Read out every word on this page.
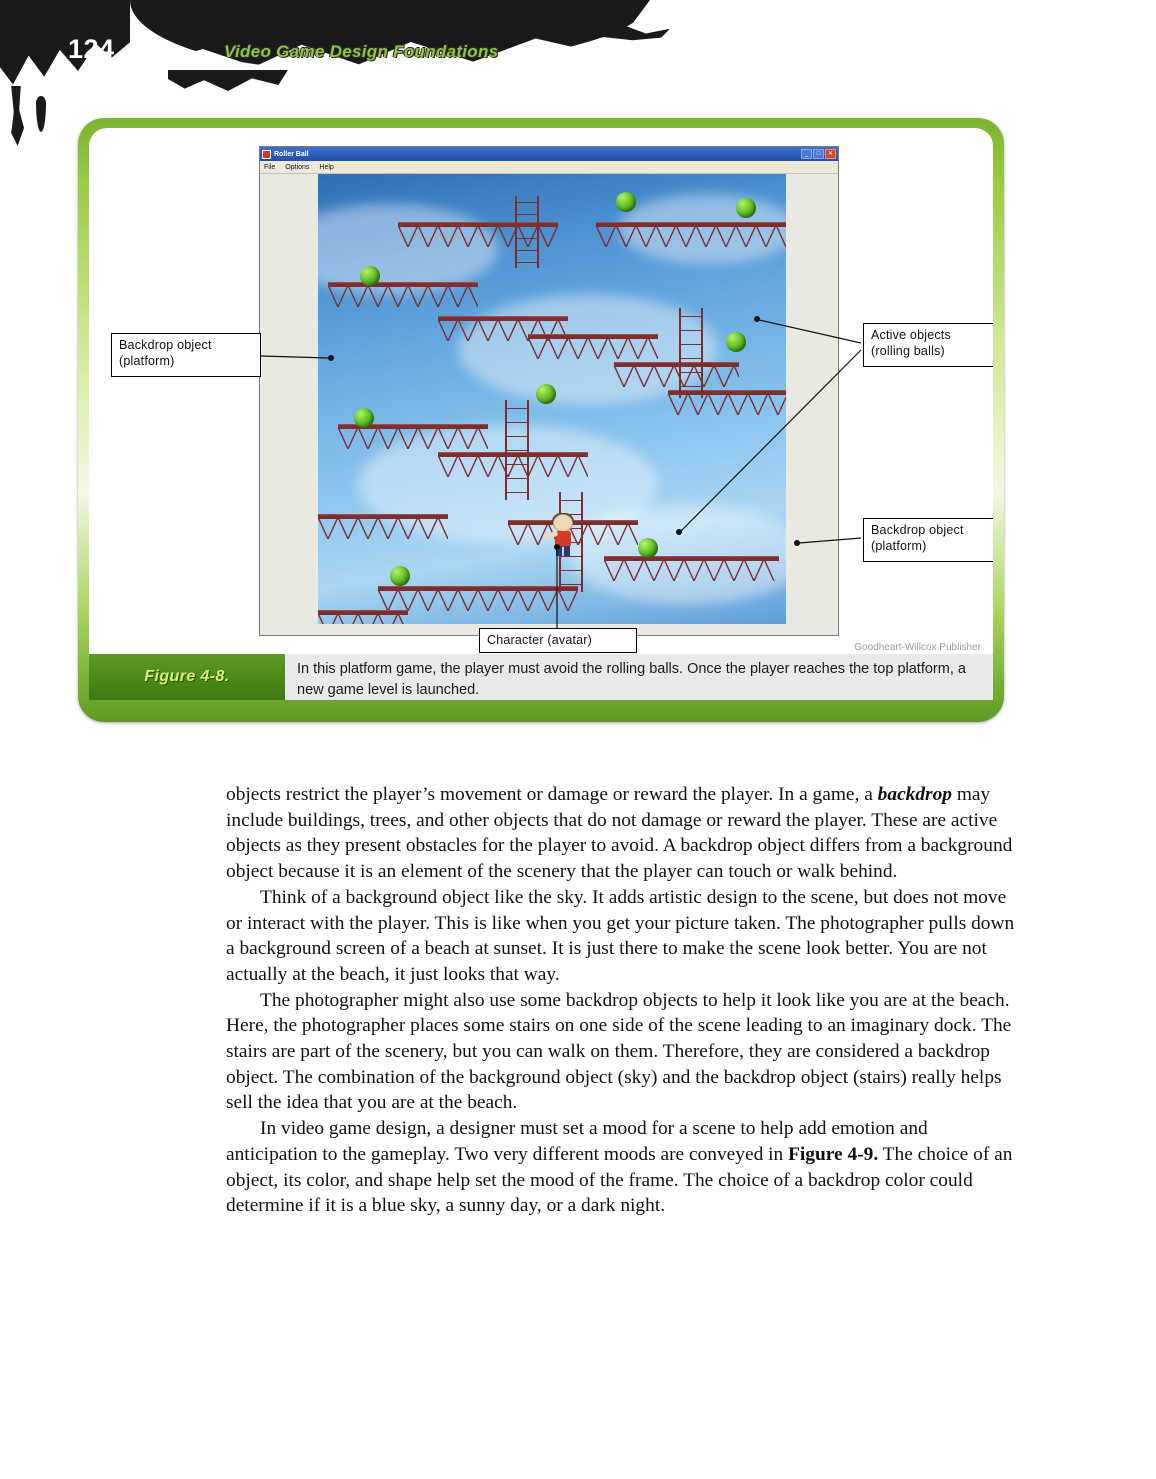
124	Video Game Design Foundations
Roller Ball	_	□	✕
File Options Help
Backdrop object
(platform)
Active objects
(rolling balls)
Backdrop object
(platform)
Character (avatar)
Goodheart-Willcox Publisher
Figure 4-8.	In this platform game, the player must avoid the rolling balls. Once the player reaches the top platform, a new game level is launched.

objects restrict the player’s movement or damage or reward the player. In a game, a backdrop may include buildings, trees, and other objects that do not damage or reward the player. These are active objects as they present obstacles for the player to avoid. A backdrop object differs from a background object because it is an element of the scenery that the player can touch or walk behind.

Think of a background object like the sky. It adds artistic design to the scene, but does not move or interact with the player. This is like when you get your picture taken. The photographer pulls down a background screen of a beach at sunset. It is just there to make the scene look better. You are not actually at the beach, it just looks that way.

The photographer might also use some backdrop objects to help it look like you are at the beach. Here, the photographer places some stairs on one side of the scene leading to an imaginary dock. The stairs are part of the scenery, but you can walk on them. Therefore, they are considered a backdrop object. The combination of the background object (sky) and the backdrop object (stairs) really helps sell the idea that you are at the beach.

In video game design, a designer must set a mood for a scene to help add emotion and anticipation to the gameplay. Two very different moods are conveyed in Figure 4-9. The choice of an object, its color, and shape help set the mood of the frame. The choice of a backdrop color could determine if it is a blue sky, a sunny day, or a dark night.
